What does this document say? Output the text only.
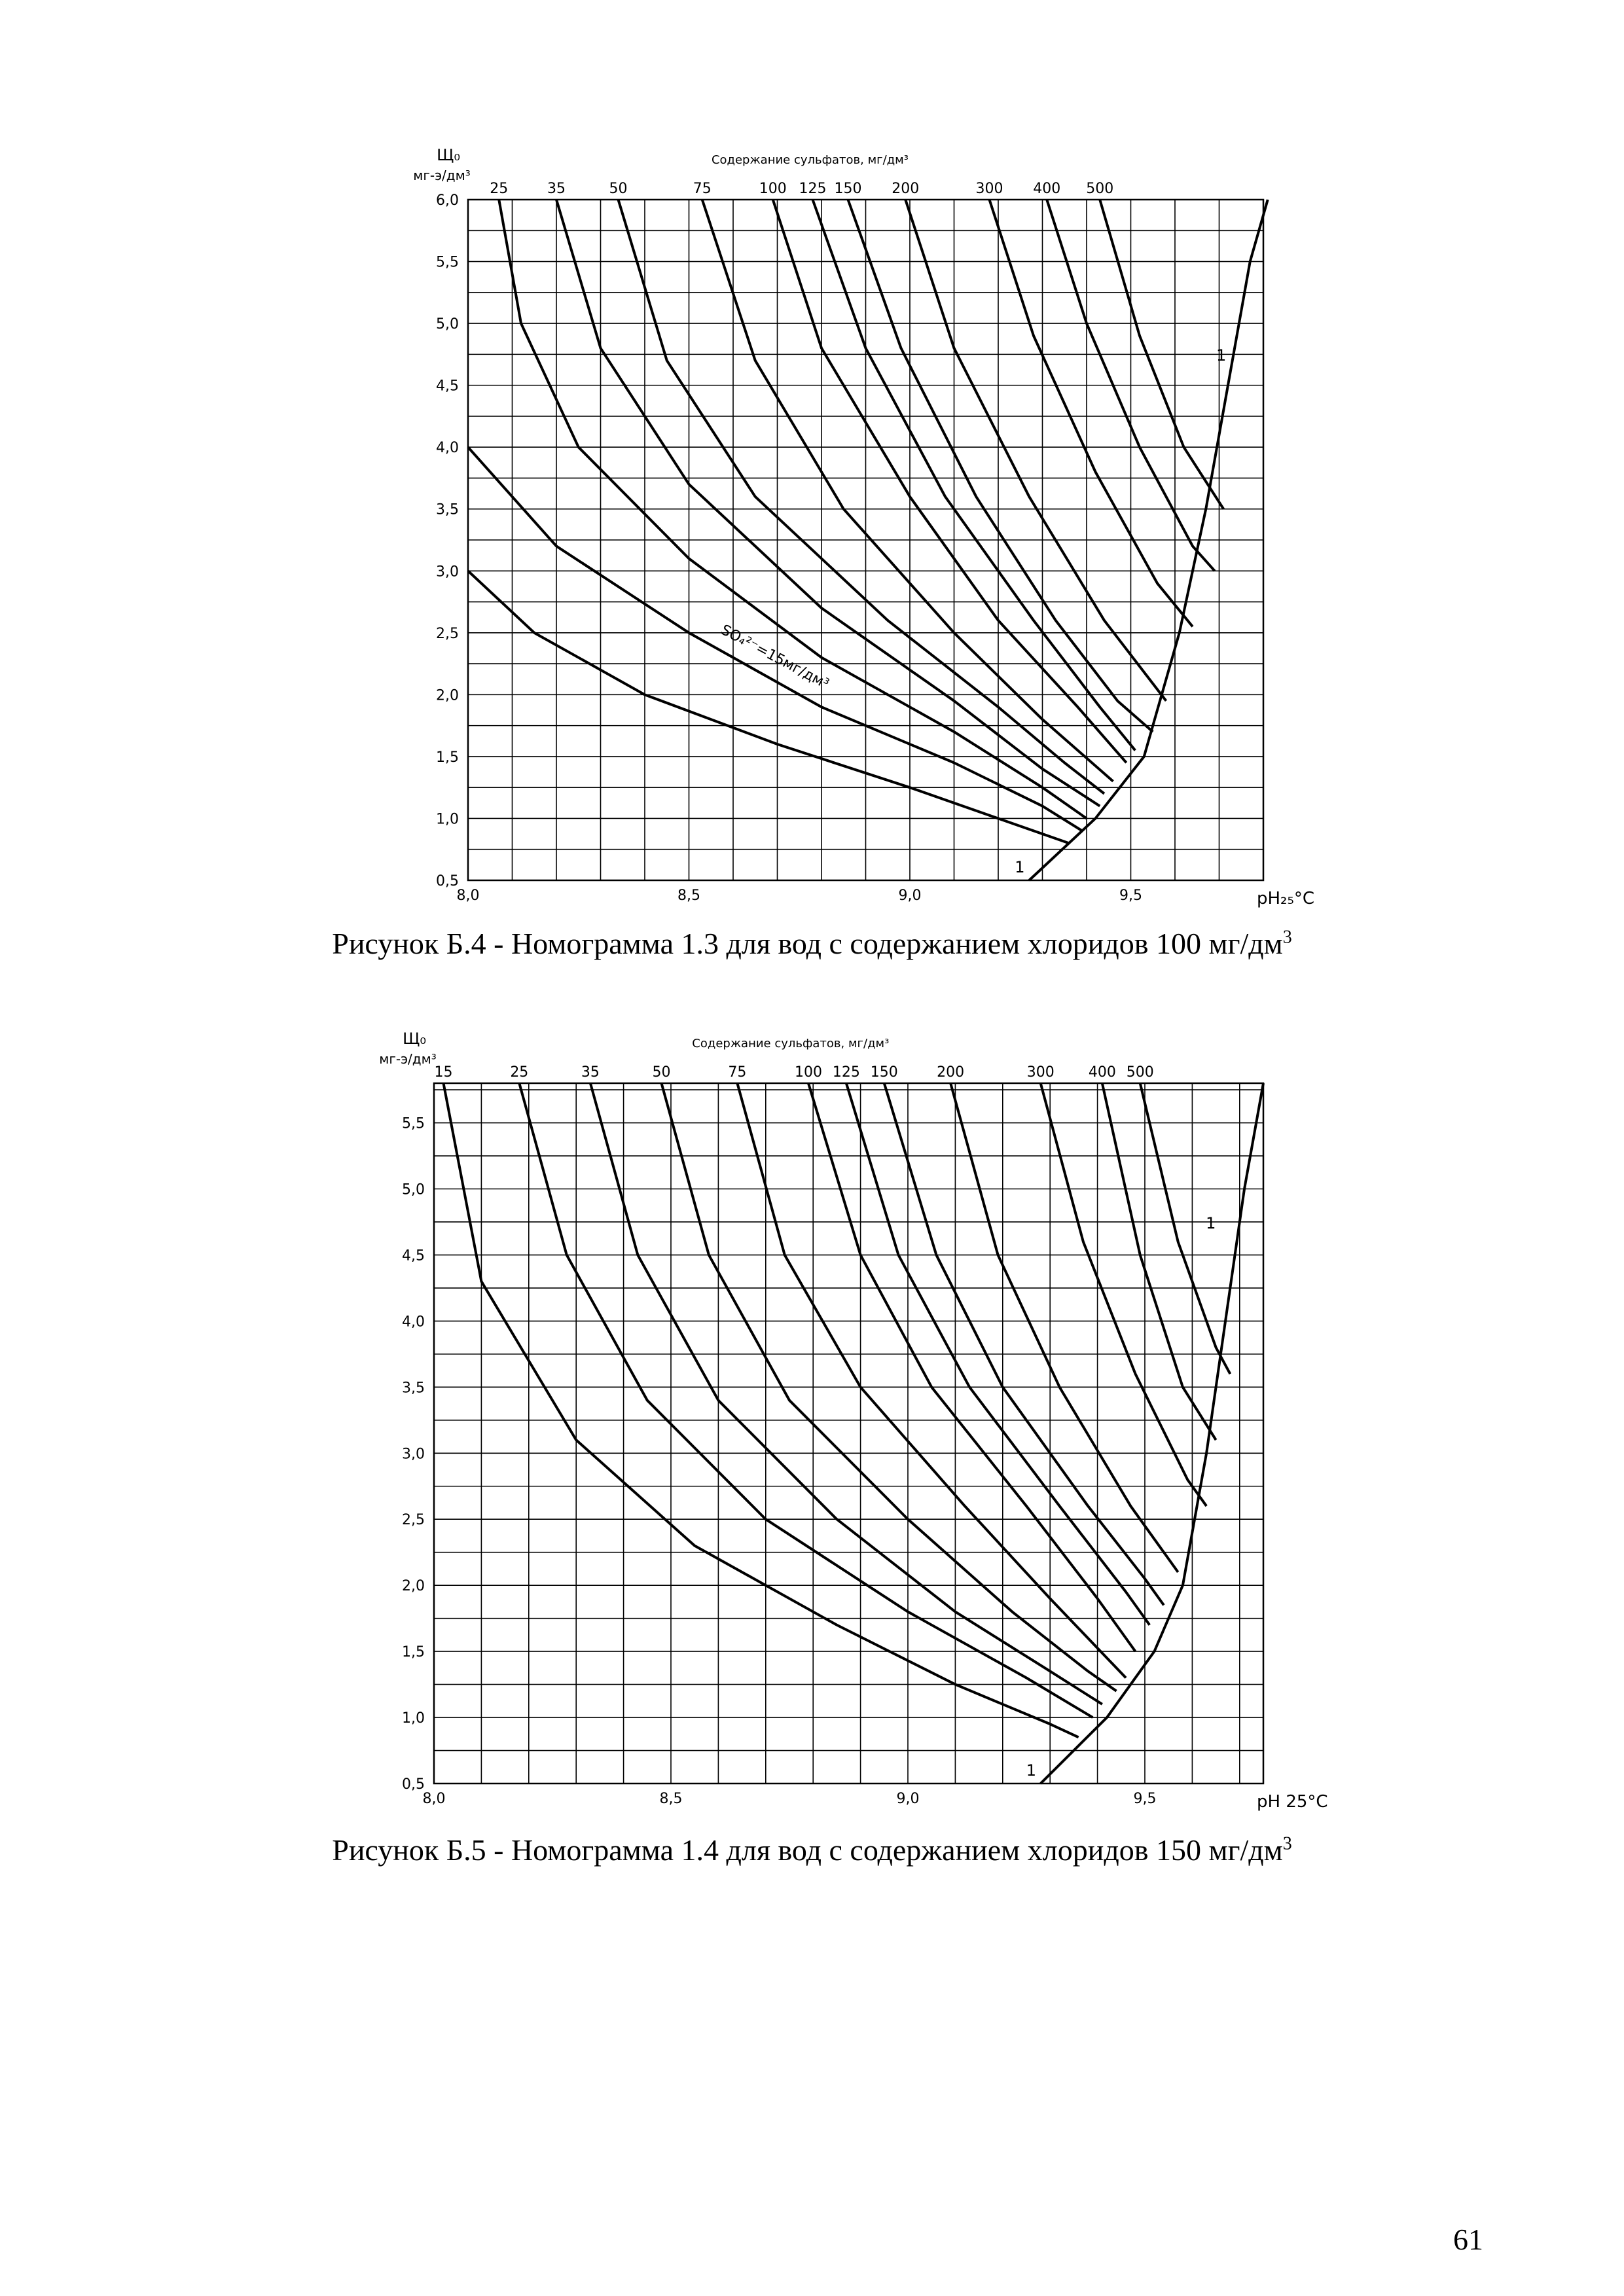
0,5
1,0
1,5
2,0
2,5
3,0
3,5
4,0
4,5
5,0
5,5
6,0
8,0	8,5	9,0	9,5
25	35	50	75	100 125 150 200	300 400 500
Содержание сульфатов, мг/дм³
Щ₀
мг-э/дм³
pH₂₅°C
1
1
SO₄²⁻=15мг/дм³
Рисунок Б.4 - Номограмма 1.3 для вод с содержанием хлоридов 100 $мг/дм^3$
0,5
1,0
1,5
2,0
2,5
3,0
3,5
4,0
4,5
5,0
5,5
8,0	8,5	9,0	9,5
15	25	35	50	75	100 125 150	200	300 400 500
Содержание сульфатов, мг/дм³
Щ₀
мг-э/дм³
pH 25°C
1
1
Рисунок Б.5 - Номограмма 1.4 для вод с содержанием хлоридов 150 $мг/дм^3$
61
